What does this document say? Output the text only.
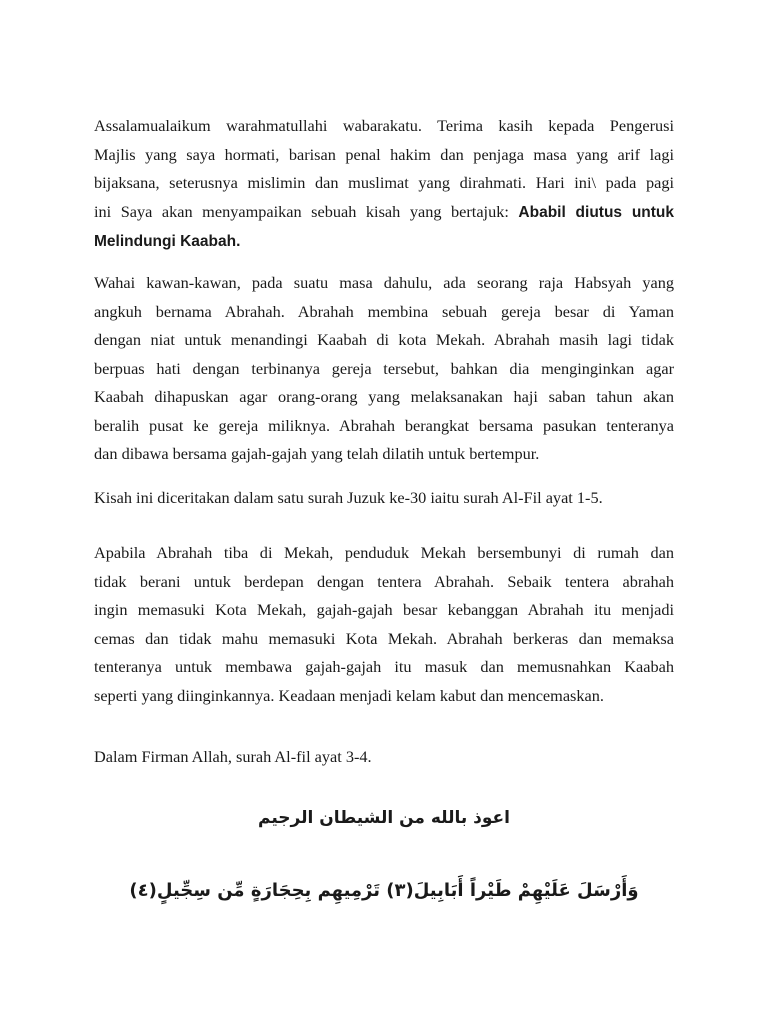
Assalamualaikum warahmatullahi wabarakatu. Terima kasih kepada Pengerusi
Majlis yang saya hormati, barisan penal hakim dan penjaga masa yang arif lagi
bijaksana, seterusnya mislimin dan muslimat yang dirahmati. Hari ini\ pada pagi
ini Saya akan menyampaikan sebuah kisah yang bertajuk: Ababil diutus untuk
Melindungi Kaabah.
Wahai kawan-kawan, pada suatu masa dahulu, ada seorang raja Habsyah yang
angkuh bernama Abrahah. Abrahah membina sebuah gereja besar di Yaman
dengan niat untuk menandingi Kaabah di kota Mekah. Abrahah masih lagi tidak
berpuas hati dengan terbinanya gereja tersebut, bahkan dia menginginkan agar
Kaabah dihapuskan agar orang-orang yang melaksanakan haji saban tahun akan
beralih pusat ke gereja miliknya. Abrahah berangkat bersama pasukan tenteranya
dan dibawa bersama gajah-gajah yang telah dilatih untuk bertempur.
Kisah ini diceritakan dalam satu surah Juzuk ke-30 iaitu surah Al-Fil ayat 1-5.
Apabila Abrahah tiba di Mekah, penduduk Mekah bersembunyi di rumah dan
tidak berani untuk berdepan dengan tentera Abrahah. Sebaik tentera abrahah
ingin memasuki Kota Mekah, gajah-gajah besar kebanggan Abrahah itu menjadi
cemas dan tidak mahu memasuki Kota Mekah. Abrahah berkeras dan memaksa
tenteranya untuk membawa gajah-gajah itu masuk dan memusnahkan Kaabah
seperti yang diinginkannya. Keadaan menjadi kelam kabut dan mencemaskan.
Dalam Firman Allah, surah Al-fil ayat 3-4.
اعوذ بالله من الشيطان الرجيم
وَأَرْسَلَ عَلَيْهِمْ طَيْراً أَبَابِيلَ(٣) تَرْمِيهِم بِحِجَارَةٍ مِّن سِجِّيلٍ(٤)
